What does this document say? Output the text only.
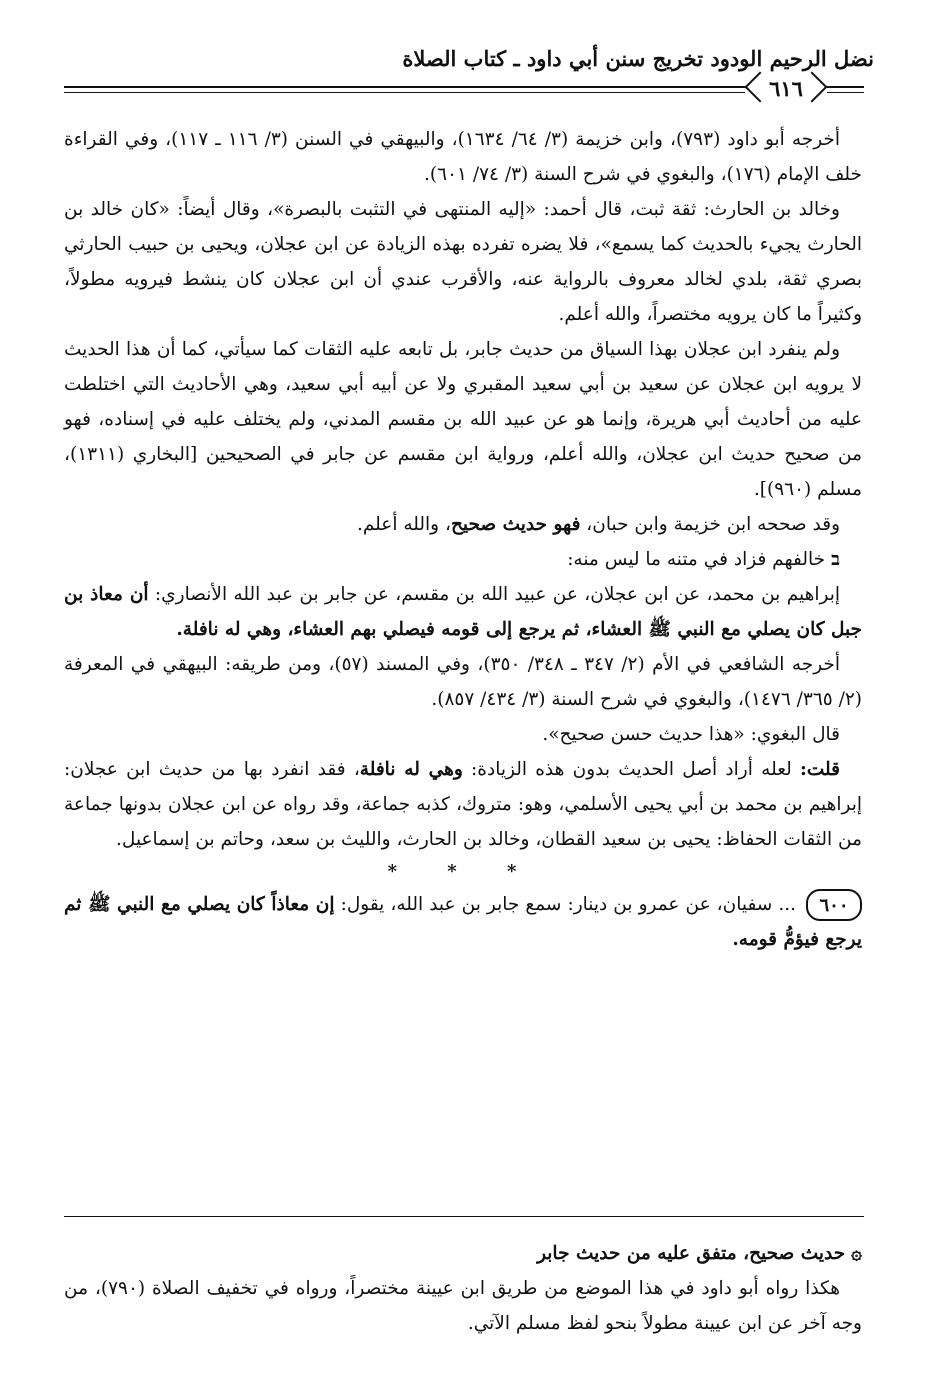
نضل الرحيم الودود تخريج سنن أبي داود ـ كتاب الصلاة
٦١٦

أخرجه أبو داود (٧٩٣)، وابن خزيمة (٣/ ٦٤/ ١٦٣٤)، والبيهقي في السنن (٣/ ١١٦ ـ ١١٧)، وفي القراءة خلف الإمام (١٧٦)، والبغوي في شرح السنة (٣/ ٧٤/ ٦٠١).

وخالد بن الحارث: ثقة ثبت، قال أحمد: «إليه المنتهى في التثبت بالبصرة»، وقال أيضاً: «كان خالد بن الحارث يجيء بالحديث كما يسمع»، فلا يضره تفرده بهذه الزيادة عن ابن عجلان، ويحيى بن حبيب الحارثي بصري ثقة، بلدي لخالد معروف بالرواية عنه، والأقرب عندي أن ابن عجلان كان ينشط فيرويه مطولاً، وكثيراً ما كان يرويه مختصراً، والله أعلم.

ولم ينفرد ابن عجلان بهذا السياق من حديث جابر، بل تابعه عليه الثقات كما سيأتي، كما أن هذا الحديث لا يرويه ابن عجلان عن سعيد بن أبي سعيد المقبري ولا عن أبيه أبي سعيد، وهي الأحاديث التي اختلطت عليه من أحاديث أبي هريرة، وإنما هو عن عبيد الله بن مقسم المدني، ولم يختلف عليه في إسناده، فهو من صحيح حديث ابن عجلان، والله أعلم، ورواية ابن مقسم عن جابر في الصحيحين [البخاري (١٣١١)، مسلم (٩٦٠)].

وقد صححه ابن خزيمة وابن حبان، فهو حديث صحيح، والله أعلم.

בخالفهم فزاد في متنه ما ليس منه:

إبراهيم بن محمد، عن ابن عجلان، عن عبيد الله بن مقسم، عن جابر بن عبد الله الأنصاري: أن معاذ بن جبل كان يصلي مع النبي ﷺ العشاء، ثم يرجع إلى قومه فيصلي بهم العشاء، وهي له نافلة.

أخرجه الشافعي في الأم (٢/ ٣٤٧ ـ ٣٤٨/ ٣٥٠)، وفي المسند (٥٧)، ومن طريقه: البيهقي في المعرفة (٢/ ٣٦٥/ ١٤٧٦)، والبغوي في شرح السنة (٣/ ٤٣٤/ ٨٥٧).

قال البغوي: «هذا حديث حسن صحيح».

قلت: لعله أراد أصل الحديث بدون هذه الزيادة: وهي له نافلة، فقد انفرد بها من حديث ابن عجلان: إبراهيم بن محمد بن أبي يحيى الأسلمي، وهو: متروك، كذبه جماعة، وقد رواه عن ابن عجلان بدونها جماعة من الثقات الحفاظ: يحيى بن سعيد القطان، وخالد بن الحارث، والليث بن سعد، وحاتم بن إسماعيل.

* * *

٦٠٠
... سفيان، عن عمرو بن دينار: سمع جابر بن عبد الله، يقول: إن معاذاً كان يصلي مع النبي ﷺ ثم يرجع فيؤمُّ قومه.

۞حديث صحيح، متفق عليه من حديث جابر

هكذا رواه أبو داود في هذا الموضع من طريق ابن عيينة مختصراً، ورواه في تخفيف الصلاة (٧٩٠)، من وجه آخر عن ابن عيينة مطولاً بنحو لفظ مسلم الآتي.
